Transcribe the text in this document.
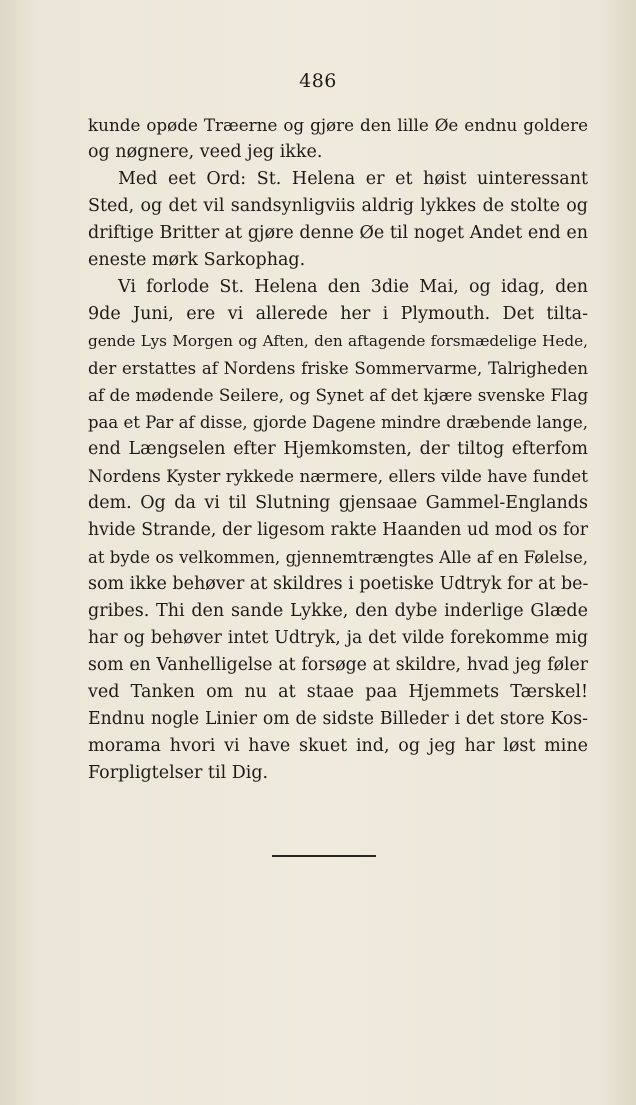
486
kunde opøde Træerne og gjøre den lille Øe endnu goldere
og nøgnere, veed jeg ikke.
Med eet Ord: St. Helena er et høist uinteressant
Sted, og det vil sandsynligviis aldrig lykkes de stolte og
driftige Britter at gjøre denne Øe til noget Andet end en
eneste mørk Sarkophag.
Vi forlode St. Helena den 3die Mai, og idag, den
9de Juni, ere vi allerede her i Plymouth. Det tilta-
gende Lys Morgen og Aften, den aftagende forsmædelige Hede,
der erstattes af Nordens friske Sommervarme, Talrigheden
af de mødende Seilere, og Synet af det kjære svenske Flag
paa et Par af disse, gjorde Dagene mindre dræbende lange,
end Længselen efter Hjemkomsten, der tiltog efterfom
Nordens Kyster rykkede nærmere, ellers vilde have fundet
dem. Og da vi til Slutning gjensaae Gammel-Englands
hvide Strande, der ligesom rakte Haanden ud mod os for
at byde os velkommen, gjennemtrængtes Alle af en Følelse,
som ikke behøver at skildres i poetiske Udtryk for at be-
gribes. Thi den sande Lykke, den dybe inderlige Glæde
har og behøver intet Udtryk, ja det vilde forekomme mig
som en Vanhelligelse at forsøge at skildre, hvad jeg føler
ved Tanken om nu at staae paa Hjemmets Tærskel!
Endnu nogle Linier om de sidste Billeder i det store Kos-
morama hvori vi have skuet ind, og jeg har løst mine
Forpligtelser til Dig.
